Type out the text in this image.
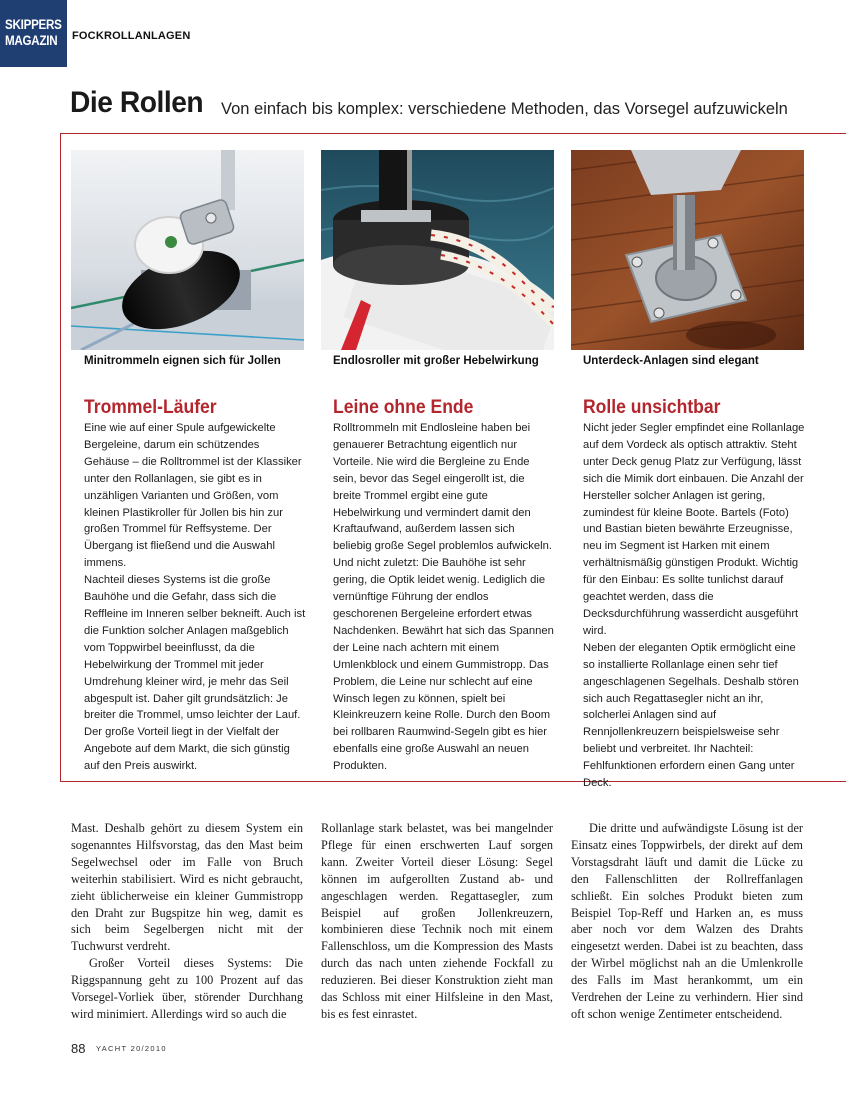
SKIPPERS
MAGAZIN FOCKROLLANLAGEN
Die Rollen Von einfach bis komplex: verschiedene Methoden, das Vorsegel aufzuwickeln
Minitrommeln eignen sich für Jollen	Endlosroller mit großer Hebelwirkung	Unterdeck-Anlagen sind elegant
Trommel-Läufer	Leine ohne Ende	Rolle unsichtbar

Eine wie auf einer Spule aufgewickelte Bergeleine, darum ein schützendes Gehäuse – die Rolltrommel ist der Klassiker unter den Rollanlagen, sie gibt es in unzähligen Varianten und Größen, vom kleinen Plastikroller für Jollen bis hin zur großen Trommel für Reffsysteme. Der Übergang ist fließend und die Auswahl immens.

Nachteil dieses Systems ist die große Bauhöhe und die Gefahr, dass sich die Reffleine im Inneren selber bekneift. Auch ist die Funktion solcher Anlagen maßgeblich vom Toppwirbel beeinflusst, da die Hebelwirkung der Trommel mit jeder Umdrehung kleiner wird, je mehr das Seil abgespult ist. Daher gilt grundsätzlich: Je breiter die Trommel, umso leichter der Lauf. Der große Vorteil liegt in der Vielfalt der Angebote auf dem Markt, die sich günstig auf den Preis auswirkt.

Rolltrommeln mit Endlosleine haben bei genauerer Betrachtung eigentlich nur Vorteile. Nie wird die Bergleine zu Ende sein, bevor das Segel eingerollt ist, die breite Trommel ergibt eine gute Hebelwirkung und vermindert damit den Kraftaufwand, außerdem lassen sich beliebig große Segel problemlos aufwickeln. Und nicht zuletzt: Die Bauhöhe ist sehr gering, die Optik leidet wenig. Lediglich die vernünftige Führung der endlos geschorenen Bergeleine erfordert etwas Nachdenken. Bewährt hat sich das Spannen der Leine nach achtern mit einem Umlenkblock und einem Gummistropp. Das Problem, die Leine nur schlecht auf eine Winsch legen zu können, spielt bei Kleinkreuzern keine Rolle. Durch den Boom bei rollbaren Raumwind-Segeln gibt es hier ebenfalls eine große Auswahl an neuen Produkten.

Nicht jeder Segler empfindet eine Rollanlage auf dem Vordeck als optisch attraktiv. Steht unter Deck genug Platz zur Verfügung, lässt sich die Mimik dort einbauen. Die Anzahl der Hersteller solcher Anlagen ist gering, zumindest für kleine Boote. Bartels (Foto) und Bastian bieten bewährte Erzeugnisse, neu im Segment ist Harken mit einem verhältnismäßig günstigen Produkt. Wichtig für den Einbau: Es sollte tunlichst darauf geachtet werden, dass die Decksdurchführung wasserdicht ausgeführt wird.

Neben der eleganten Optik ermöglicht eine so installierte Rollanlage einen sehr tief angeschlagenen Segelhals. Deshalb stören sich auch Regattasegler nicht an ihr, solcherlei Anlagen sind auf Rennjollenkreuzern beispielsweise sehr beliebt und verbreitet. Ihr Nachteil: Fehlfunktionen erfordern einen Gang unter Deck.

Mast. Deshalb gehört zu diesem System ein sogenanntes Hilfsvorstag, das den Mast beim Segelwechsel oder im Falle von Bruch weiterhin stabilisiert. Wird es nicht gebraucht, zieht üblicherweise ein kleiner Gummistropp den Draht zur Bugspitze hin weg, damit es sich beim Segelbergen nicht mit der Tuchwurst verdreht.

Großer Vorteil dieses Systems: Die Riggspannung geht zu 100 Prozent auf das Vorsegel-Vorliek über, störender Durchhang wird minimiert. Allerdings wird so auch die

Rollanlage stark belastet, was bei mangelnder Pflege für einen erschwerten Lauf sorgen kann. Zweiter Vorteil dieser Lösung: Segel können im aufgerollten Zustand ab- und angeschlagen werden. Regattasegler, zum Beispiel auf großen Jollenkreuzern, kombinieren diese Technik noch mit einem Fallenschloss, um die Kompression des Masts durch das nach unten ziehende Fockfall zu reduzieren. Bei dieser Konstruktion zieht man das Schloss mit einer Hilfsleine in den Mast, bis es fest einrastet.

Die dritte und aufwändigste Lösung ist der Einsatz eines Toppwirbels, der direkt auf dem Vorstagsdraht läuft und damit die Lücke zu den Fallenschlitten der Rollreffanlagen schließt. Ein solches Produkt bieten zum Beispiel Top-Reff und Harken an, es muss aber noch vor dem Walzen des Drahts eingesetzt werden. Dabei ist zu beachten, dass der Wirbel möglichst nah an die Umlenkrolle des Falls im Mast herankommt, um ein Verdrehen der Leine zu verhindern. Hier sind oft schon wenige Zentimeter entscheidend.

88 YACHT 20/2010
